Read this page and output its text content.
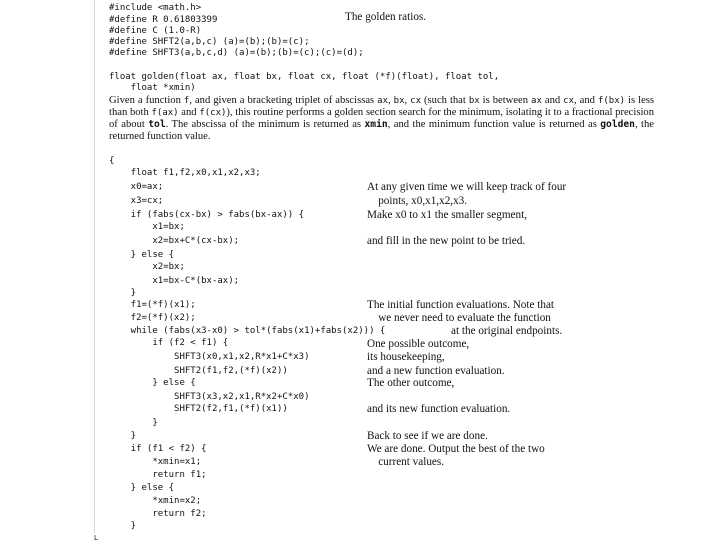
#include <math.h>
#define R 0.61803399
#define C (1.0-R)
#define SHFT2(a,b,c) (a)=(b);(b)=(c);
#define SHFT3(a,b,c,d) (a)=(b);(b)=(c);(c)=(d);
The golden ratios.
float golden(float ax, float bx, float cx, float (*f)(float), float tol,
float *xmin)
Given a function f, and given a bracketing triplet of abscissas ax, bx, cx (such that bx is between ax and cx, and f(bx) is less than both f(ax) and f(cx)), this routine performs a golden section search for the minimum, isolating it to a fractional precision of about tol. The abscissa of the minimum is returned as xmin, and the minimum function value is returned as golden, the returned function value.
{
float f1,f2,x0,x1,x2,x3;
x0=ax;
x3=cx;
if (fabs(cx-bx) > fabs(bx-ax)) {
x1=bx;
x2=bx+C*(cx-bx);
} else {
x2=bx;
x1=bx-C*(bx-ax);
}
f1=(*f)(x1);
f2=(*f)(x2);
while (fabs(x3-x0) > tol*(fabs(x1)+fabs(x2))) {
if (f2 < f1) {
SHFT3(x0,x1,x2,R*x1+C*x3)
SHFT2(f1,f2,(*f)(x2))
} else {
SHFT3(x3,x2,x1,R*x2+C*x0)
SHFT2(f2,f1,(*f)(x1))
}
}
if (f1 < f2) {
*xmin=x1;
return f1;
} else {
*xmin=x2;
return f2;
}
At any given time we will keep track of four
points, x0,x1,x2,x3.
Make x0 to x1 the smaller segment,
and fill in the new point to be tried.
The initial function evaluations. Note that
we never need to evaluate the function
at the original endpoints.
One possible outcome,
its housekeeping,
and a new function evaluation.
The other outcome,
and its new function evaluation.
Back to see if we are done.
We are done. Output the best of the two
current values.
L
